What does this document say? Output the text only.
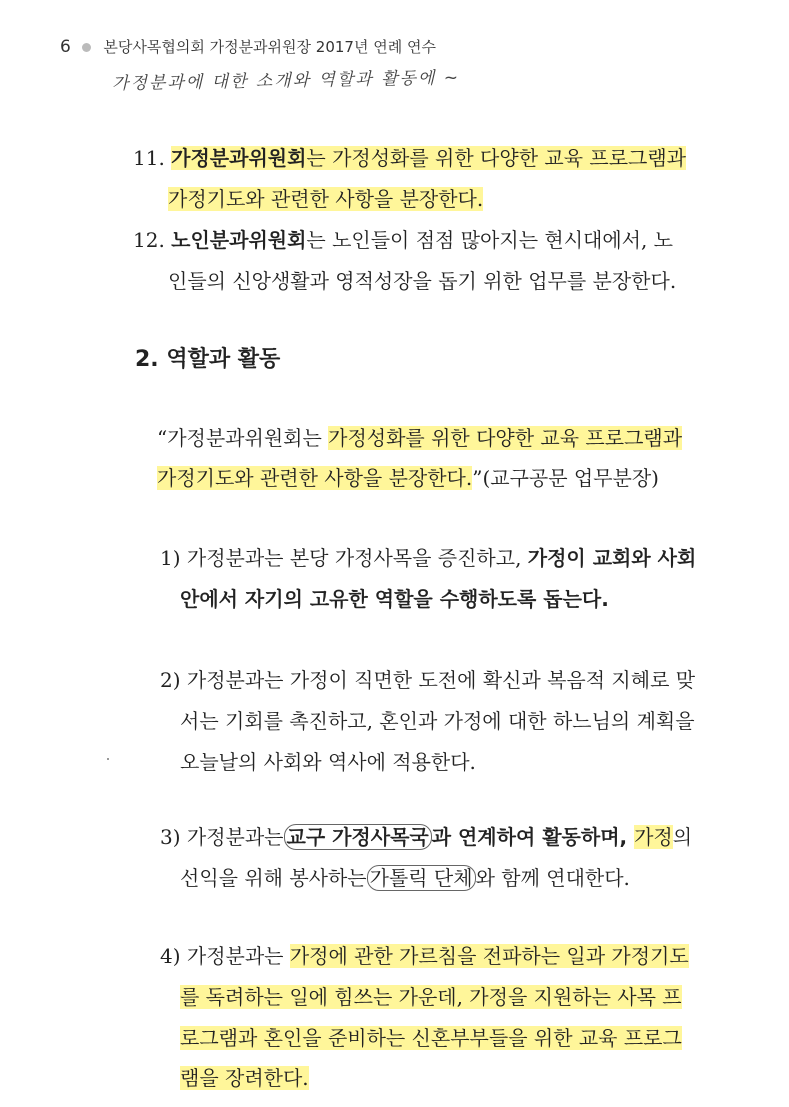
6 본당사목협의회 가정분과위원장 2017년 연례 연수
가정분과에 대한 소개와 역할과 활동에 ~
11. 가정분과위원회는 가정성화를 위한 다양한 교육 프로그램과
가정기도와 관련한 사항을 분장한다.
12. 노인분과위원회는 노인들이 점점 많아지는 현시대에서, 노
인들의 신앙생활과 영적성장을 돕기 위한 업무를 분장한다.
2. 역할과 활동
“가정분과위원회는 가정성화를 위한 다양한 교육 프로그램과
가정기도와 관련한 사항을 분장한다.”(교구공문 업무분장)
1) 가정분과는 본당 가정사목을 증진하고, 가정이 교회와 사회
안에서 자기의 고유한 역할을 수행하도록 돕는다.
2) 가정분과는 가정이 직면한 도전에 확신과 복음적 지혜로 맞
서는 기회를 촉진하고, 혼인과 가정에 대한 하느님의 계획을
오늘날의 사회와 역사에 적용한다.
3) 가정분과는 교구 가정사목국 과 연계하여 활동하며, 가정의
선익을 위해 봉사하는 가톨릭 단체 와 함께 연대한다.
4) 가정분과는 가정에 관한 가르침을 전파하는 일과 가정기도
를 독려하는 일에 힘쓰는 가운데, 가정을 지원하는 사목 프
로그램과 혼인을 준비하는 신혼부부들을 위한 교육 프로그
램을 장려한다.
